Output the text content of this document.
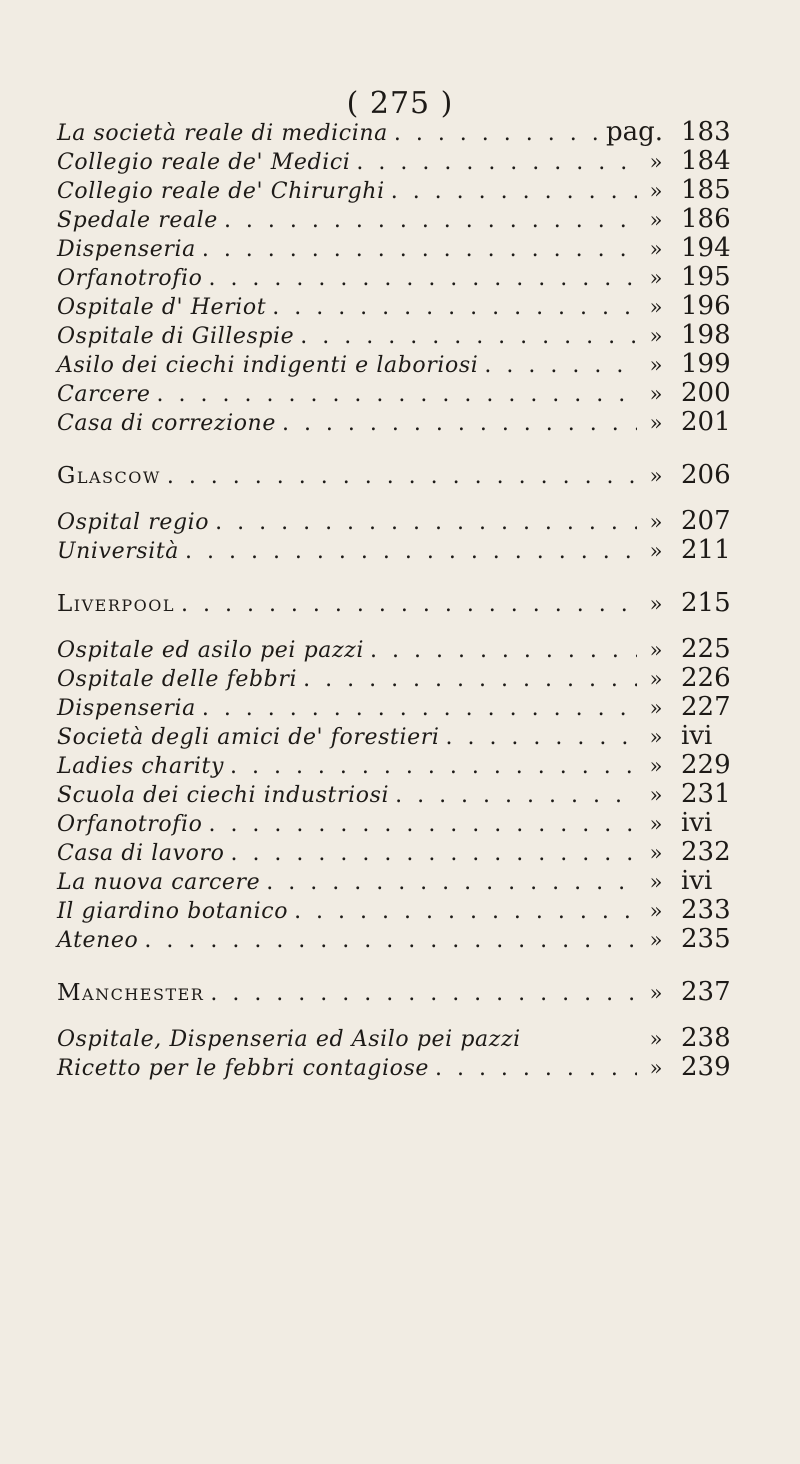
( 275 )
La società reale di medicina . . .	pag. 183
Collegio reale de' Medici . . .	» 184
Collegio reale de' Chirurghi . . .	» 185
Spedale reale . . .	» 186
Dispenseria . . .	» 194
Orfanotrofio . . .	» 195
Ospitale d' Heriot . . .	» 196
Ospitale di Gillespie . . .	» 198
Asilo dei ciechi indigenti e laboriosi . . .	» 199
Carcere . . .	» 200
Casa di correzione . . .	» 201
Glascow . . .	» 206
Ospital regio . . .	» 207
Università . . .	» 211
Liverpool . . .	» 215
Ospitale ed asilo pei pazzi . . .	» 225
Ospitale delle febbri . . .	» 226
Dispenseria . . .	» 227
Società degli amici de' forestieri . . .	» ivi
Ladies charity . . .	» 229
Scuola dei ciechi industriosi . . .	» 231
Orfanotrofio . . .	» ivi
Casa di lavoro . . .	» 232
La nuova carcere . . .	» ivi
Il giardino botanico . . .	» 233
Ateneo . . .	» 235
Manchester . . .	» 237
Ospitale, Dispenseria ed Asilo pei pazzi	» 238
Ricetto per le febbri contagiose . . .	» 239
